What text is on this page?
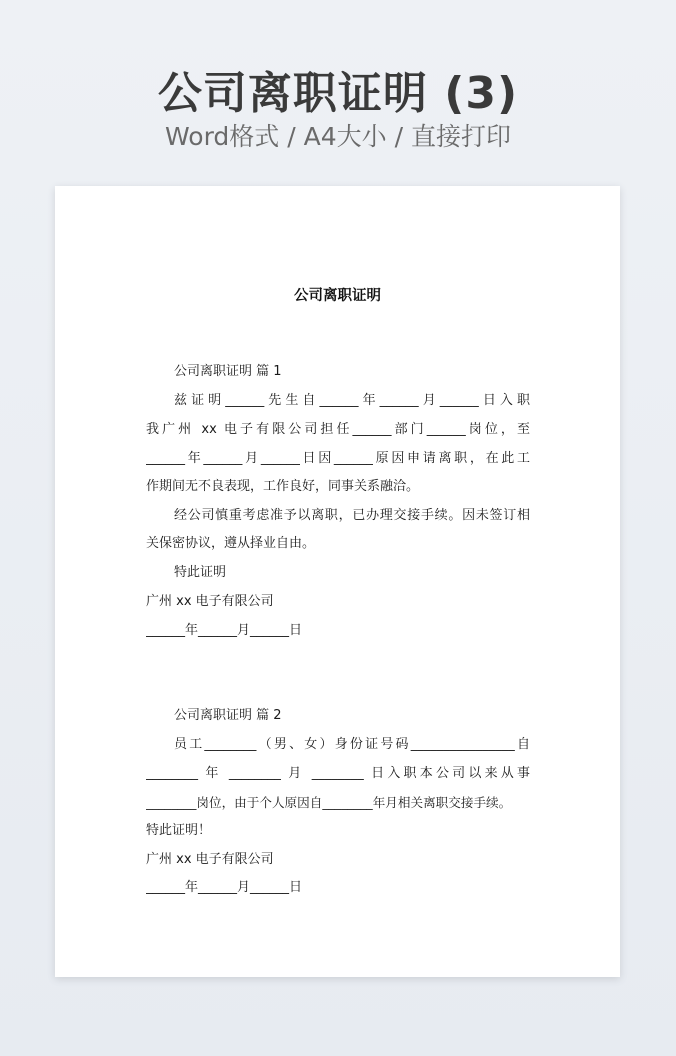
公司离职证明 (3)
Word格式 / A4大小 / 直接打印
公司离职证明
公司离职证明 篇 1
兹证明______先生自______年______月______日入职
我广州 xx 电子有限公司担任______部门______岗位，至
______年______月______日因______原因申请离职，在此工
作期间无不良表现，工作良好，同事关系融洽。
经公司慎重考虑准予以离职，已办理交接手续。因未签订相
关保密协议，遵从择业自由。
特此证明
广州 xx 电子有限公司
______年______月______日
公司离职证明 篇 2
员工________（男、女）身份证号码________________自
________ 年 ________ 月 ________ 日入职本公司以来从事
________岗位，由于个人原因自________年月相关离职交接手续。
特此证明！
广州 xx 电子有限公司
______年______月______日
